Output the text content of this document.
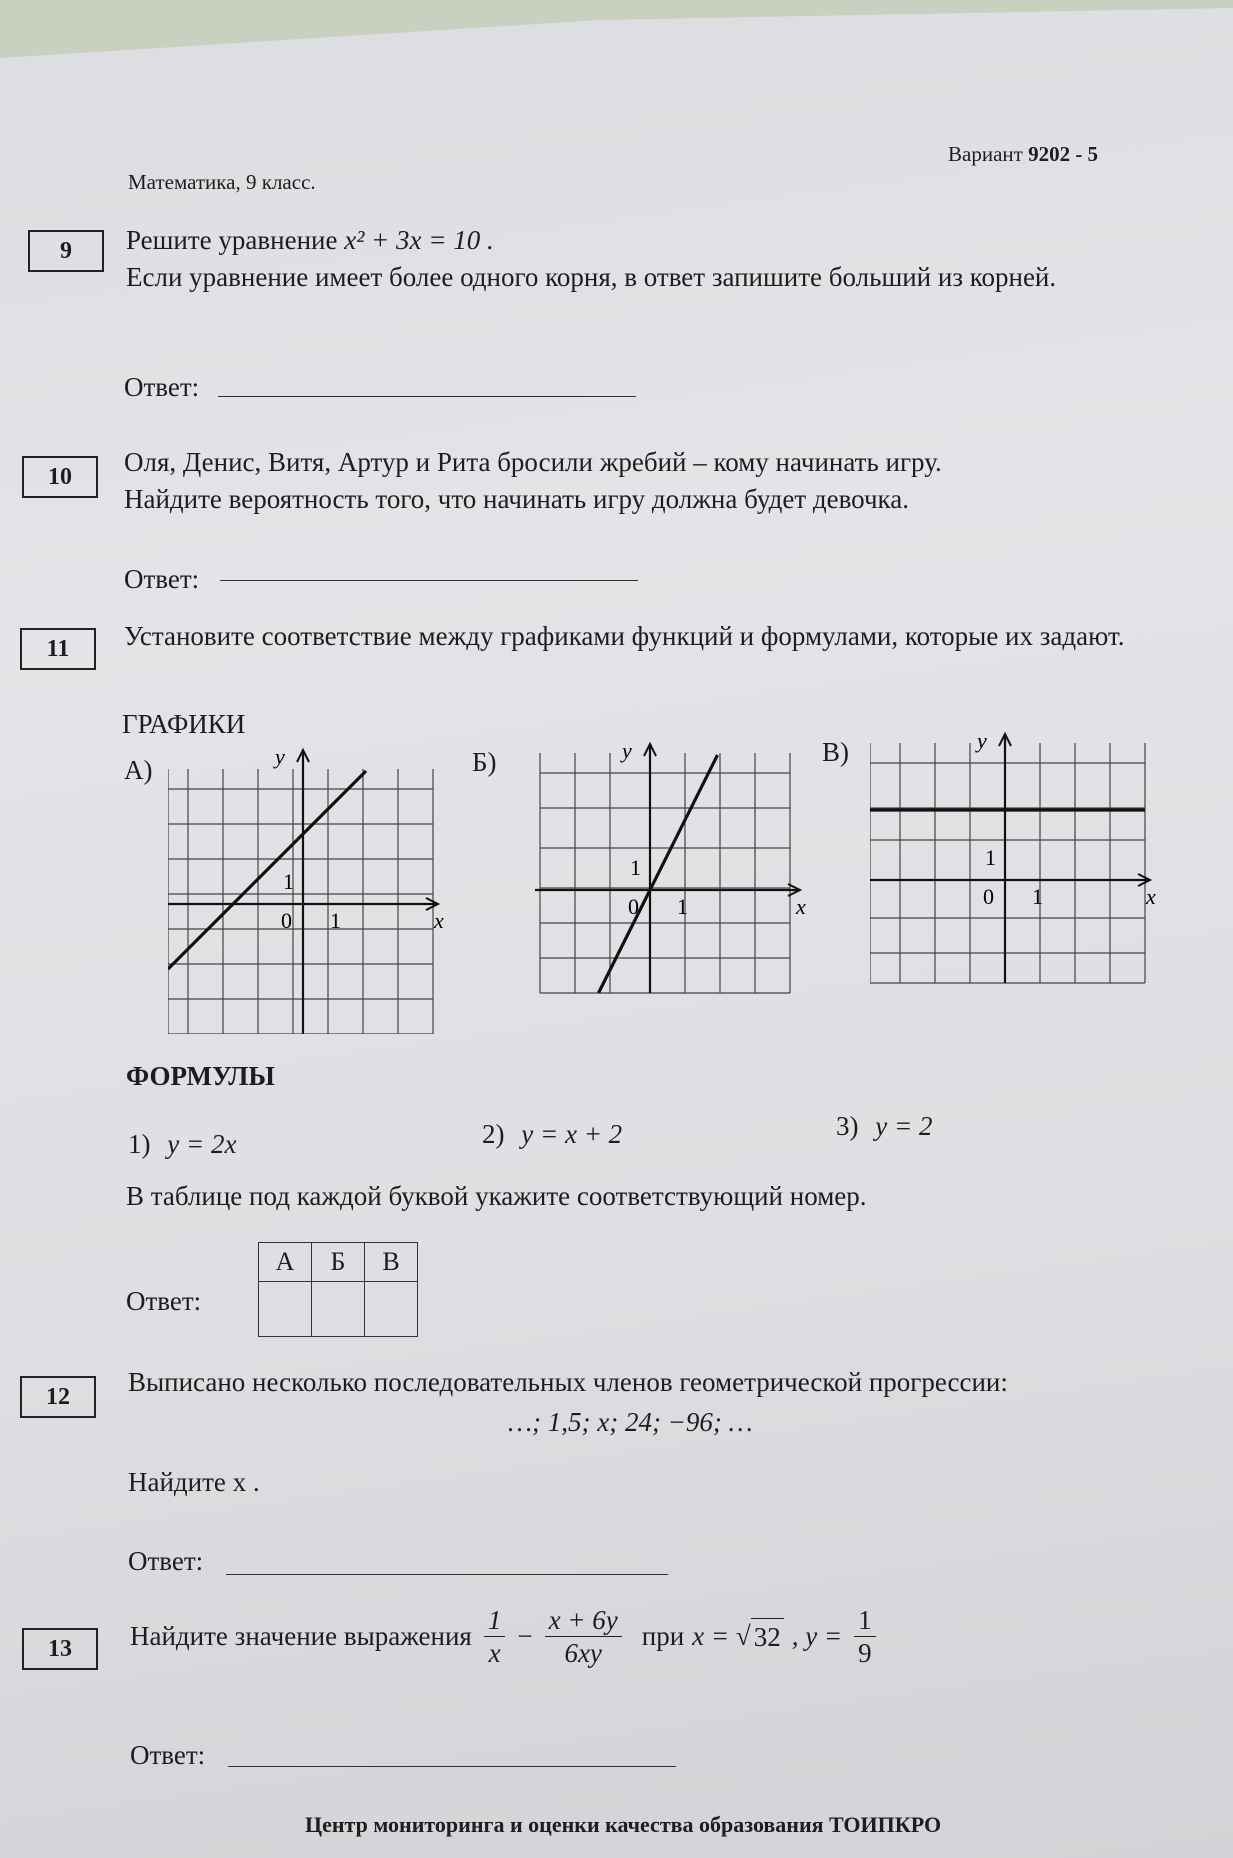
Математика, 9 класс.
Вариант 9202 - 5
9	Решите уравнение x² + 3x = 10 .
Если уравнение имеет более одного корня, в ответ запишите больший из корней.
Ответ:
10	Оля, Денис, Витя, Артур и Рита бросили жребий – кому начинать игру.
Найдите вероятность того, что начинать игру должна будет девочка.
Ответ:
11	Установите соответствие между графиками функций и формулами, которые их задают.
ГРАФИКИ
А)	Б)	В)
0 1
1
x
y
0 1
1
x
y
0 1
1
x
y
ФОРМУЛЫ
1) y = 2x	2) y = x + 2	3) y = 2
В таблице под каждой буквой укажите соответствующий номер.
Ответ:
А	Б	В

12	Выписано несколько последовательных членов геометрической прогрессии:
…; 1,5; x; 24; −96; …
Найдите x .
Ответ:
13	Найдите значение выражения $\frac{1}{x} - \frac{x + 6y}{6xy}$ при x = √ 32 , $y = \frac{1}{9}$
Ответ:
Центр мониторинга и оценки качества образования ТОИПКРО
